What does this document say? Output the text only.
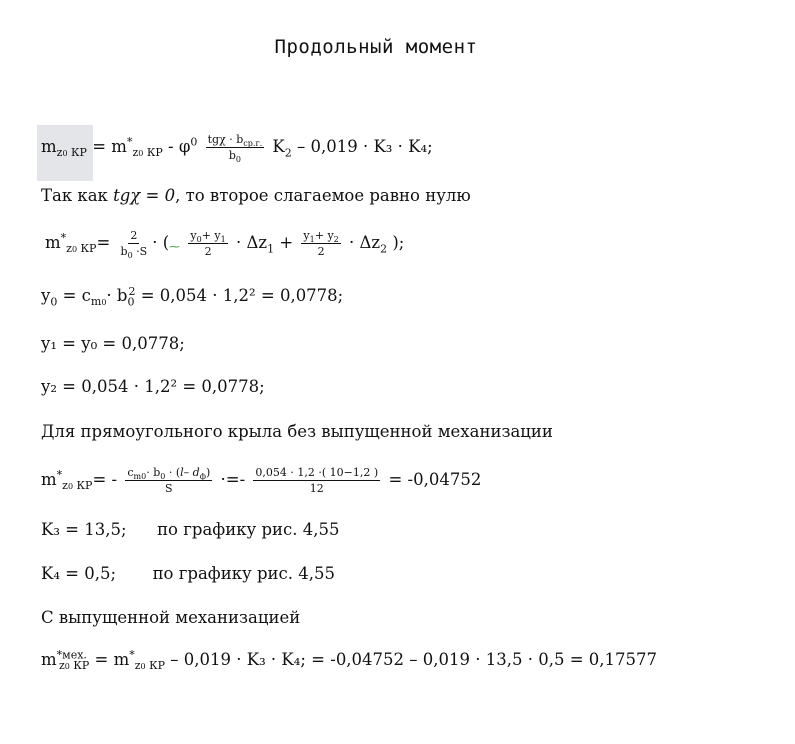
Продольный момент
$m_{z0 КР} = m^*_{z0 КР} - \varphi^0 \frac{tg\chi \cdot b_{ср.г.}}{b_0} K_2 - 0,019 \cdot K_3 \cdot K_4$;
Так как tgχ = 0, то второе слагаемое равно нулю
$m^*_{z0 КР}= \frac{2}{b_0 \cdot S}$ · (⁓ $\frac{y_0+ y_1}{2} \cdot \Delta z_1 + \frac{y_1+ y_2}{2} \cdot \Delta z_2$ );
$y_0 = c_{m0}\cdot b_0^2 = 0,054 \cdot 1,2^2 = 0,0778$;
y₁ = y₀ = 0,0778;
y₂ = 0,054 · 1,2² = 0,0778;
Для прямоугольного крыла без выпущенной механизации
$m^*_{z0 КР}= - \frac{c_{m0}\cdot b_0 \cdot (l- d_ф)}{S}$ ·=- $\frac{0,054 \cdot 1,2 \cdot( 10-1,2 )}{12} = -0,04752$
K₃ = 13,5; по графику рис. 4,55
K₄ = 0,5; по графику рис. 4,55
С выпущенной механизацией
$m^{*мех.}_{z0 КР} = m^*_{z0 КР} - 0,019 \cdot K_3 \cdot K_4$; = -0,04752 – 0,019 · 13,5 · 0,5 = 0,17577
